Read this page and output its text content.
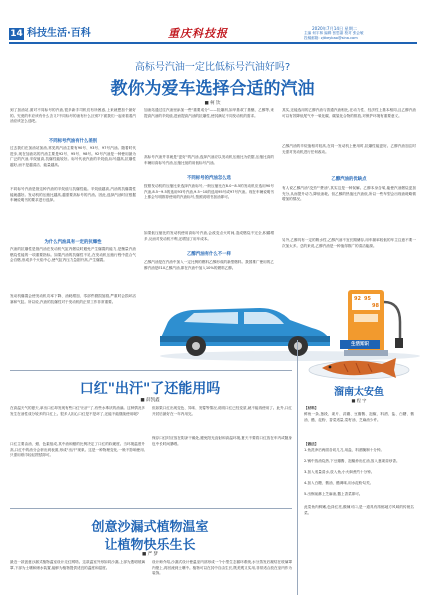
14 科技生活·百科	重庆科技报	2020年7月14日 星期二
主编 何宇林 编辑 张思嘉 校对 张会敏
投稿邮箱: zjtkeybao@sina.com
高标号汽油一定比低标号汽油好吗?
教你为爱车选择合适的汽油
■ 柯 饮

到了加油站,面对不同标号的汽油,很多新手司机们有所困惑,上来就想加个最好的。究竟的车应该有什么含义?不同标号的油有什么区别?下面我们一起来看看汽油应该怎么选吧。

不同标号汽油有什么差别

过去我们在加油站加油,常见的汽油主要有90号、93号、97号汽油。随着时代进步,现在加油站的汽油主要是92号、95号、98号。92号汽油是一种使用最为广泛的汽油,辛烷值高,抗爆性能较好。标号代表汽油的辛烷值,标号越高,抗爆性越好,而不是越清洁、能量越高。

不同标号汽油是指这种汽油的辛烷值与抗爆性能。辛烷值越高,汽油的抗爆震性能就越好。发动机的压缩比越高,越需要高标号的汽油。因此,选择汽油时应根据车辆说明书的要求进行选择。

为什么汽油具有一定的抗爆性

汽油的抗爆性是指汽油在发动机气缸内燃烧时避免产生爆震的能力,是衡量汽油燃烧性能的一项重要指标。如果汽油的抗爆性不足,在发动机压缩行程中混合气会自燃,形成多个火焰中心,使气缸内压力急剧升高,产生爆震。

发动机爆震会使发动机功率下降、油耗增加、零部件磨损加剧,严重时会损坏活塞和气缸。所以说,汽油的抗爆性对于发动机的正常工作非常重要。

加油站通过往汽油里添加一些"重要成分"——抗爆剂,如甲基叔丁基醚、乙醇等,来提高汽油的辛烷值,进而提高汽油的抗爆性,使其满足不同发动机的需求。

高标号汽油并非就是"更好"的汽油,选择汽油应以发动机压缩比为依据,压缩比高的车辆用高标号汽油,压缩比低的用低标号汽油。

不同标号的汽油怎么选

按照发动机的压缩比来选择汽油标号,一般压缩比在8.0~8.5的发动机应选用90号汽油,8.5~9.5的选用93号汽油,9.5~10的选用95号或97号汽油。现在车辆说明书上都会写明推荐使用的汽油标号,按照说明书加油即可。

如果低压缩比的发动机使用高标号汽油,会改变点火时间,造成燃烧不完全,积碳增多,反而对发动机不利,还增加了用车成本。

乙醇汽油有什么不一样

乙醇汽油是在汽油中加入一定比例的燃料乙醇形成的新型燃料。我国推广使用的乙醇汽油是E10乙醇汽油,即在汽油中加入10%的燃料乙醇。

其实,还能选用的乙醇汽油与普通汽油相比,在动力性、经济性上基本相同,且乙醇汽油可以有效降低尾气中一氧化碳、碳氢化合物的排放,对保护环境有重要意义。

乙醇汽油的辛烷值相对较高,在同一发动机上使用时,抗爆性能更好。乙醇汽油加注时无需对发动机进行任何改动。

乙醇汽油的优缺点

有人说乙醇汽油"没劲""费油",其实这是一种误解。乙醇本身含氧,能使汽油燃烧更加充分,从而提升动力,降低油耗。但乙醇的热值比汽油低,所以一些车型会出现油耗略微增加的情况。

另外,乙醇具有一定的吸水性,乙醇汽油不宜长期储存,用车频率较低的车主注意不要一次加太多。总的来说,乙醇汽油是一种值得推广的清洁能源。

92 95
98
口红"出汗"了还能用吗
■ 薛凯鑫

在高温天气的夏天,拿出口红却发现有些口红"出汗"了,有些水珠状的油滴。这种情况多发生在油性成分较多的口红上。很多人担心口红是不是坏了,还能不能继续使用呢?

口红主要由油、蜡、色素组成,其中油和蜡的比例决定了口红的软硬度。当环境温度升高,口红中的油分会析出到表面,形成"出汗"现象。这是一种物理变化,一般不影响使用,只需用纸巾轻轻擦拭即可。

但如果口红出现变色、异味、发霉等情况,说明口红已经变质,就不能再使用了。此外,口红开封后最好在一年内用完。

保存口红时应放在阴凉干燥处,避免阳光直射和高温环境,夏天不要将口红放在车内或随身包中长时间暴晒。

创意沙漏式植物温室
让植物快乐生长
■ 严 梦

最近一款创意沙漏式植物温室设计走红网络。这款温室外形如同沙漏,上部为透明玻璃罩,下部为土壤和储水装置,能够为植物提供适宜的温度和湿度。

设计师介绍,沙漏式设计使温室内部形成一个小型生态循环系统,水分蒸发后凝结在玻璃罩内壁上,再回流到土壤中。植物可以在其中自由生长,既美观又实用,非常适合放在室内作为装饰。

生活知识
溜南太安鱼
■ 程 宇

【材料】

鲜鱼一条,葱段、姜片、蒜瓣、豆瓣酱、泡椒、料酒、盐、白糖、酱油、醋、淀粉、香菜适量,菜籽油、芝麻油少许。

【做法】

1.鱼洗净后两面各切几刀,用盐、料酒腌制十分钟。

2.锅中放油烧热,下豆瓣酱、泡椒炒出红油,放入葱姜蒜炒香。

3.加入适量清水,放入鱼,小火焖煮约十分钟。

4.加入白糖、酱油、醋调味,用水淀粉勾芡。

5.出锅前淋上芝麻油,撒上香菜即可。

此菜鱼肉鲜嫩,色泽红亮,酸辣可口,是一道具有浓郁地方风味的传统名菜。
